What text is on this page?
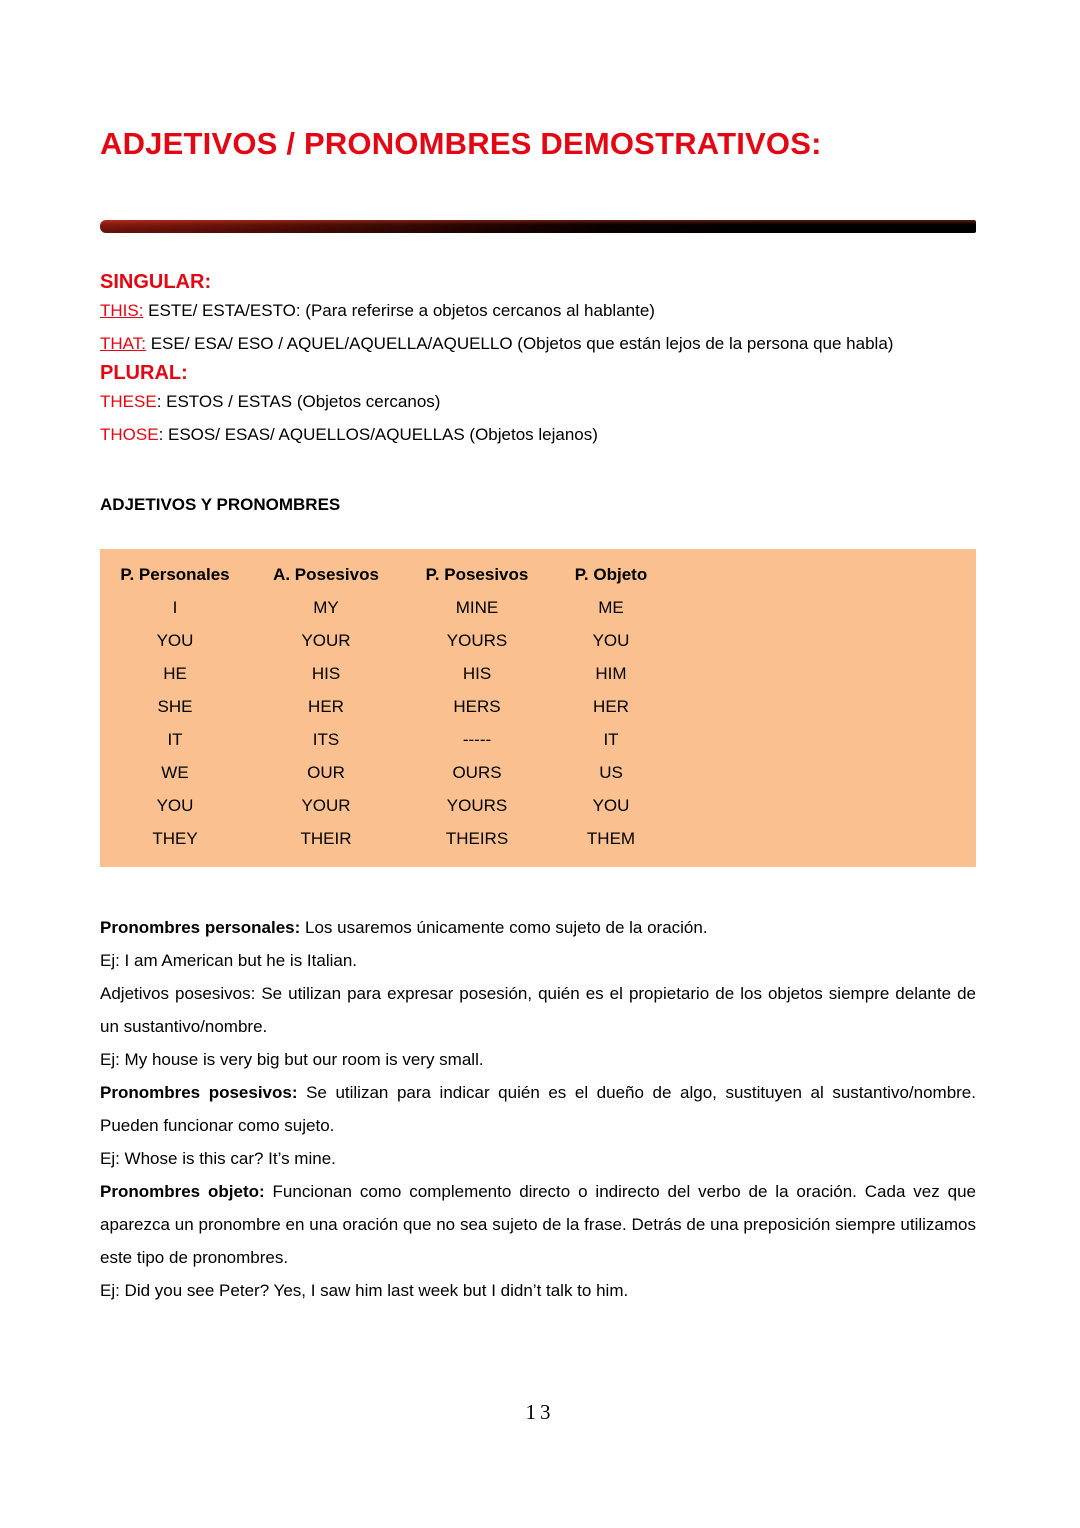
ADJETIVOS / PRONOMBRES DEMOSTRATIVOS:
SINGULAR:

THIS: ESTE/ ESTA/ESTO: (Para referirse a objetos cercanos al hablante)

THAT: ESE/ ESA/ ESO / AQUEL/AQUELLA/AQUELLO (Objetos que están lejos de la persona que habla)

PLURAL:

THESE: ESTOS / ESTAS (Objetos cercanos)

THOSE: ESOS/ ESAS/ AQUELLOS/AQUELLAS (Objetos lejanos)

ADJETIVOS Y PRONOMBRES
P. Personales	A. Posesivos	P. Posesivos	P. Objeto
I	MY	MINE	ME
YOU	YOUR	YOURS	YOU
HE	HIS	HIS	HIM
SHE	HER	HERS	HER
IT	ITS	-----	IT
WE	OUR	OURS	US
YOU	YOUR	YOURS	YOU
THEY	THEIR	THEIRS	THEM

Pronombres personales: Los usaremos únicamente como sujeto de la oración.

Ej: I am American but he is Italian.

Adjetivos posesivos: Se utilizan para expresar posesión, quién es el propietario de los objetos siempre delante de un sustantivo/nombre.

Ej: My house is very big but our room is very small.

Pronombres posesivos: Se utilizan para indicar quién es el dueño de algo, sustituyen al sustantivo/nombre. Pueden funcionar como sujeto.

Ej: Whose is this car? It’s mine.

Pronombres objeto: Funcionan como complemento directo o indirecto del verbo de la oración. Cada vez que aparezca un pronombre en una oración que no sea sujeto de la frase. Detrás de una preposición siempre utilizamos este tipo de pronombres.

Ej: Did you see Peter? Yes, I saw him last week but I didn’t talk to him.

13
